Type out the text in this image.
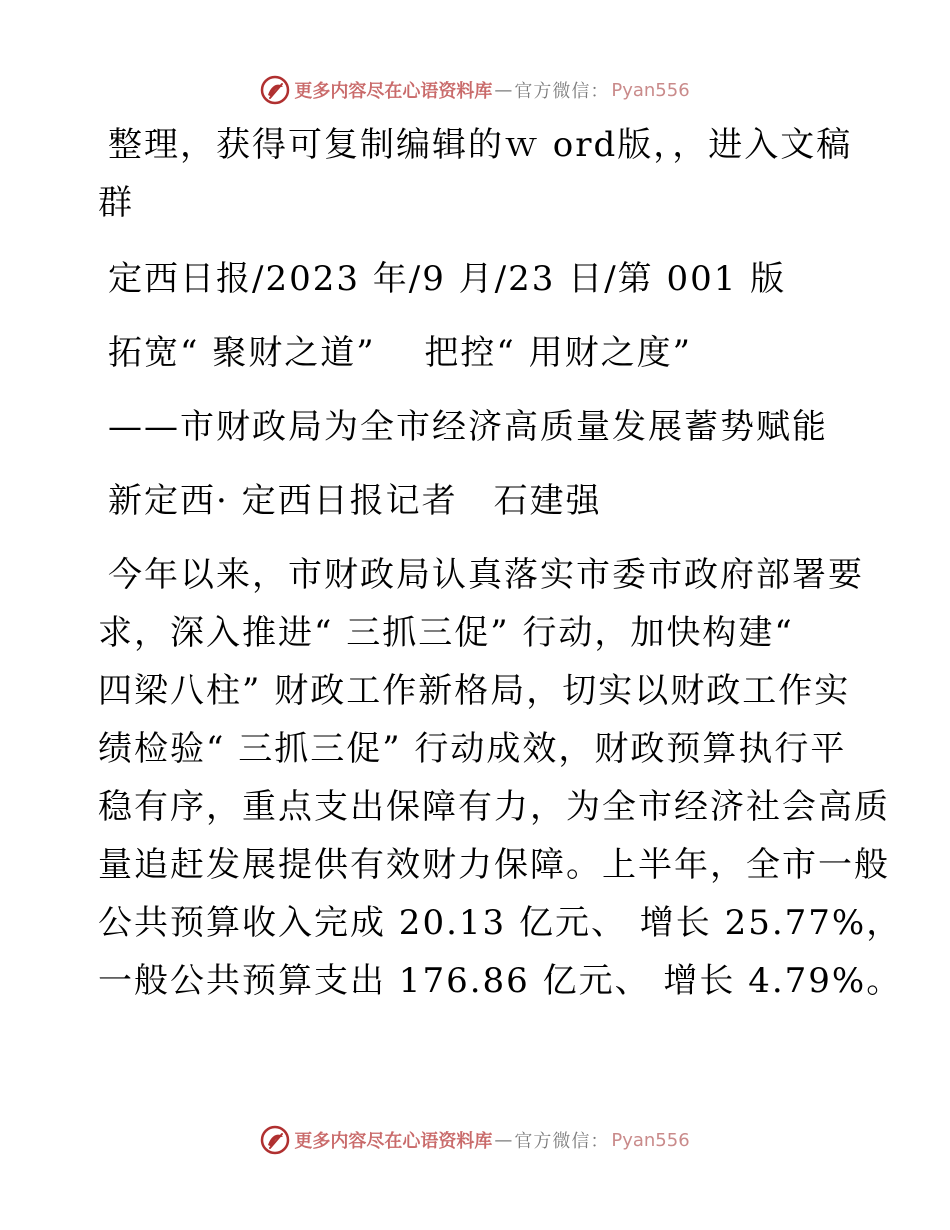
更多内容尽在心语资料库 — 官方微信： Pyan556
整理，获得可复制编辑的ｗ ord版，，进入文稿
群
定西日报/2023 年/9 月/23 日/第 001 版
拓宽“ 聚财之道”　 把控“ 用财之度”
——市财政局为全市经济高质量发展蓄势赋能
新定西· 定西日报记者　石建强
今年以来，市财政局认真落实市委市政府部署要
求，深入推进“ 三抓三促” 行动，加快构建“
四梁八柱” 财政工作新格局，切实以财政工作实
绩检验“ 三抓三促” 行动成效，财政预算执行平
稳有序，重点支出保障有力，为全市经济社会高质
量追赶发展提供有效财力保障。上半年，全市一般
公共预算收入完成 20.13 亿元、 增长 25.77%，
一般公共预算支出 176.86 亿元、 增长 4.79%。
更多内容尽在心语资料库 — 官方微信： Pyan556
